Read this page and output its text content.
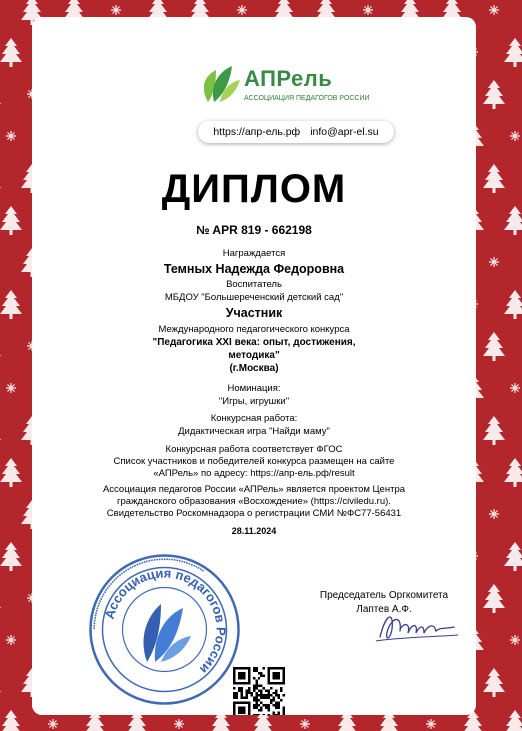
АПРель
АССОЦИАЦИЯ ПЕДАГОГОВ РОССИИ
https://апр-ель.рф info@apr-el.su
ДИПЛОМ
№ APR 819 - 662198
Награждается
Темных Надежда Федоровна
Воспитатель
МБДОУ "Большереченский детский сад"
Участник
Международного педагогического конкурса
"Педагогика XXI века: опыт, достижения,
методика"
(г.Москва)
Номинация:
"Игры, игрушки"
Конкурсная работа:
Дидактическая игра "Найди маму"
Конкурсная работа соответствует ФГОС
Список участников и победителей конкурса размещен на сайте
«АПРель» по адресу: https://апр-ель.рф/result
Ассоциация педагогов России «АПРель» является проектом Центра
гражданского образования «Восхождение» (https://civiledu.ru).
Свидетельство Роскомнадзора о регистрации СМИ №ФС77-56431
28.11.2024
••••••••••••••••••••••••••••••••••••••••••••••••••••••••••••
Ассоциация педагогов России
Председатель Оргкомитета
Лаптев А.Ф.
